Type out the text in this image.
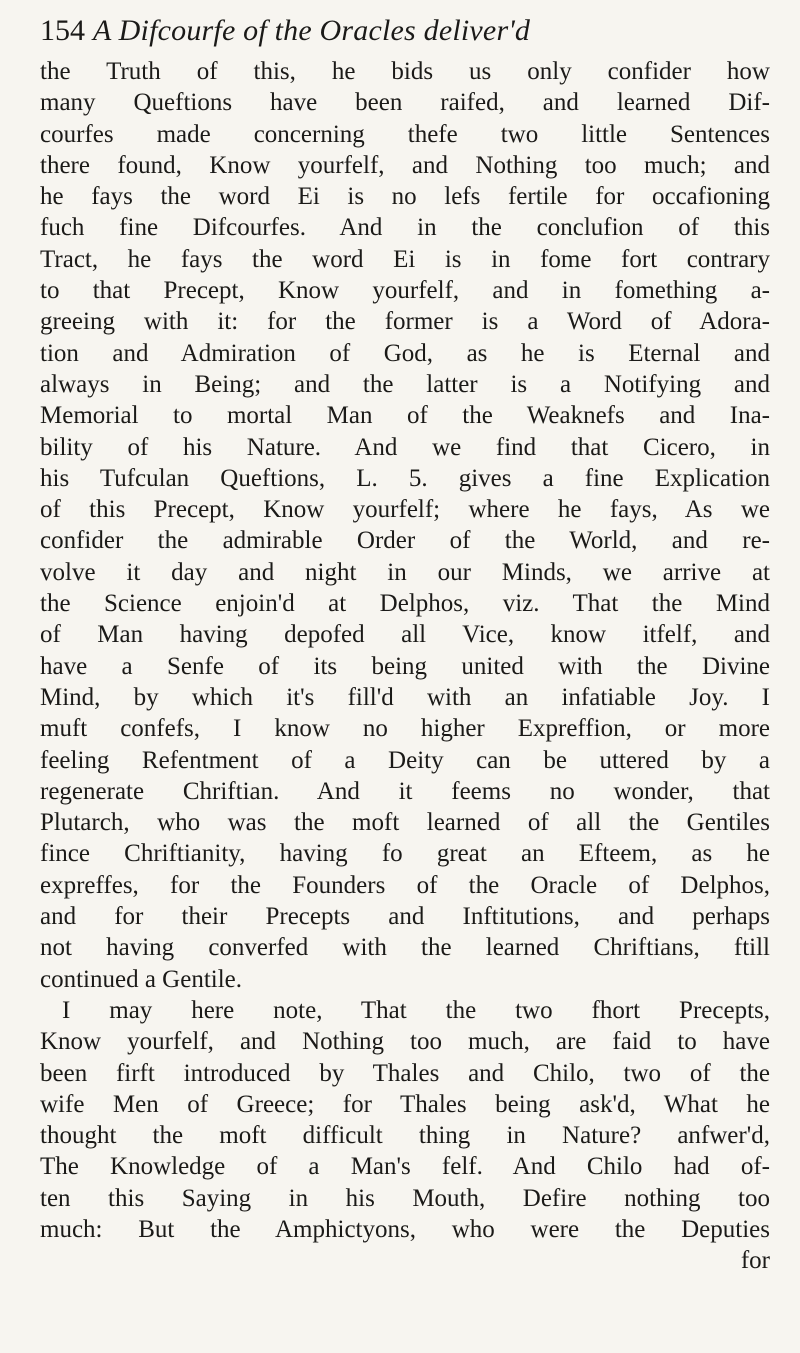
154 A Difcourfe of the Oracles deliver'd
the Truth of this, he bids us only confider how
many Queftions have been raifed, and learned Dif-
courfes made concerning thefe two little Sentences
there found, Know yourfelf, and Nothing too much; and
he fays the word Ei is no lefs fertile for occafioning
fuch fine Difcourfes. And in the conclufion of this
Tract, he fays the word Ei is in fome fort contrary
to that Precept, Know yourfelf, and in fomething a-
greeing with it: for the former is a Word of Adora-
tion and Admiration of God, as he is Eternal and
always in Being; and the latter is a Notifying and
Memorial to mortal Man of the Weaknefs and Ina-
bility of his Nature. And we find that Cicero, in
his Tufculan Queftions, L. 5. gives a fine Explication
of this Precept, Know yourfelf; where he fays, As we
confider the admirable Order of the World, and re-
volve it day and night in our Minds, we arrive at
the Science enjoin'd at Delphos, viz. That the Mind
of Man having depofed all Vice, know itfelf, and
have a Senfe of its being united with the Divine
Mind, by which it's fill'd with an infatiable Joy. I
muft confefs, I know no higher Expreffion, or more
feeling Refentment of a Deity can be uttered by a
regenerate Chriftian. And it feems no wonder, that
Plutarch, who was the moft learned of all the Gentiles
fince Chriftianity, having fo great an Efteem, as he
expreffes, for the Founders of the Oracle of Delphos,
and for their Precepts and Inftitutions, and perhaps
not having converfed with the learned Chriftians, ftill
continued a Gentile.
I may here note, That the two fhort Precepts,
Know yourfelf, and Nothing too much, are faid to have
been firft introduced by Thales and Chilo, two of the
wife Men of Greece; for Thales being ask'd, What he
thought the moft difficult thing in Nature? anfwer'd,
The Knowledge of a Man's felf. And Chilo had of-
ten this Saying in his Mouth, Defire nothing too
much: But the Amphictyons, who were the Deputies
for
